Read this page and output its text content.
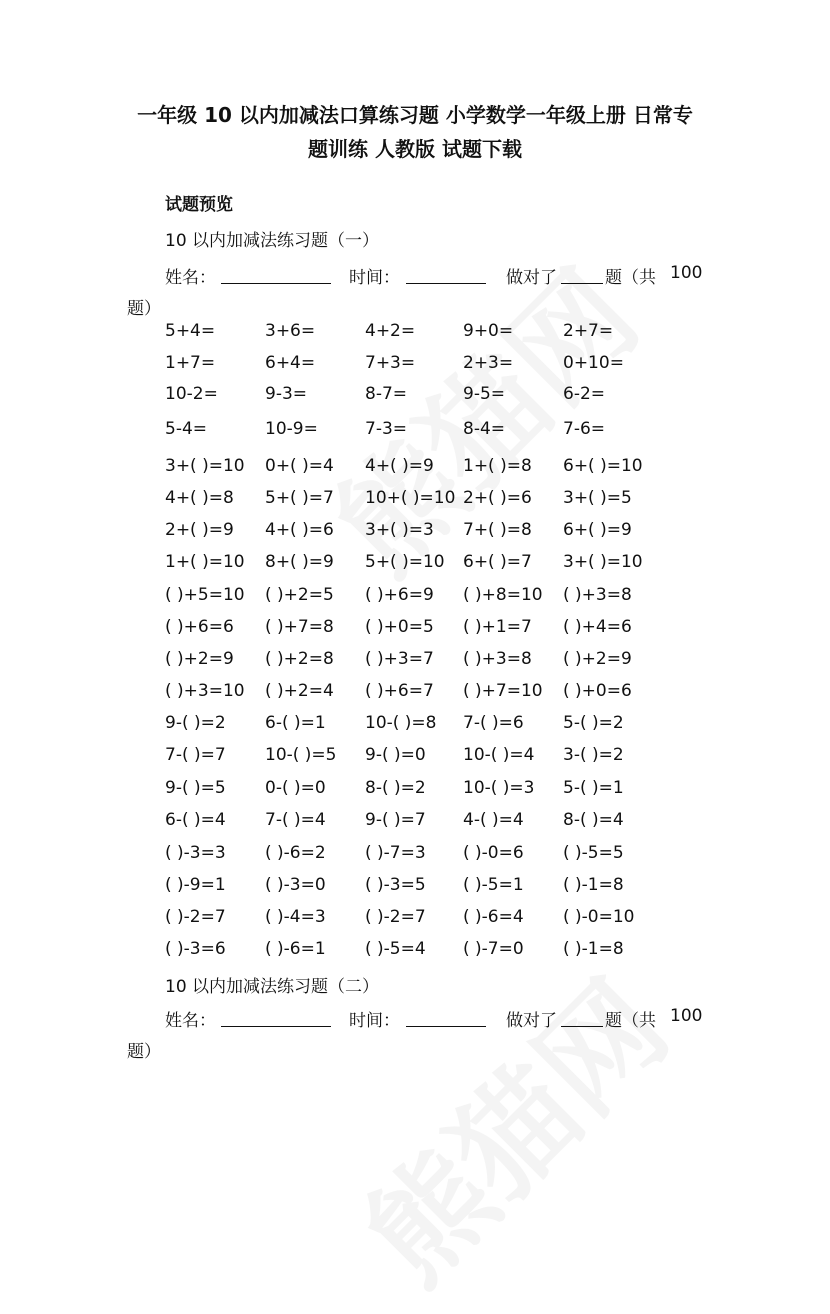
一年级 10 以内加减法口算练习题 小学数学一年级上册 日常专
题训练 人教版 试题下载
试题预览
10 以内加减法练习题（一）
姓名：	时间：	做对了	题（共 100
题）
5+4=	3+6=	4+2=	9+0=	2+7=
1+7=	6+4=	7+3=	2+3=	0+10=
10-2=	9-3=	8-7=	9-5=	6-2=
5-4=	10-9=	7-3=	8-4=	7-6=
3+( )=10 0+( )=4 4+( )=9 1+( )=8 6+( )=10
4+( )=8 5+( )=7 10+( )=10 2+( )=6 3+( )=5
2+( )=9 4+( )=6 3+( )=3 7+( )=8 6+( )=9
1+( )=10 8+( )=9 5+( )=10 6+( )=7 3+( )=10
( )+5=10 ( )+2=5 ( )+6=9 ( )+8=10 ( )+3=8
( )+6=6 ( )+7=8 ( )+0=5 ( )+1=7 ( )+4=6
( )+2=9 ( )+2=8 ( )+3=7 ( )+3=8 ( )+2=9
( )+3=10 ( )+2=4 ( )+6=7 ( )+7=10 ( )+0=6
9-( )=2 6-( )=1 10-( )=8 7-( )=6 5-( )=2
7-( )=7 10-( )=5 9-( )=0 10-( )=4 3-( )=2
9-( )=5 0-( )=0 8-( )=2 10-( )=3 5-( )=1
6-( )=4 7-( )=4 9-( )=7 4-( )=4 8-( )=4
( )-3=3 ( )-6=2 ( )-7=3 ( )-0=6 ( )-5=5
( )-9=1 ( )-3=0 ( )-3=5 ( )-5=1 ( )-1=8
( )-2=7 ( )-4=3 ( )-2=7 ( )-6=4 ( )-0=10
( )-3=6 ( )-6=1 ( )-5=4 ( )-7=0 ( )-1=8
10 以内加减法练习题（二）
姓名：	时间：	做对了	题（共 100
题）
